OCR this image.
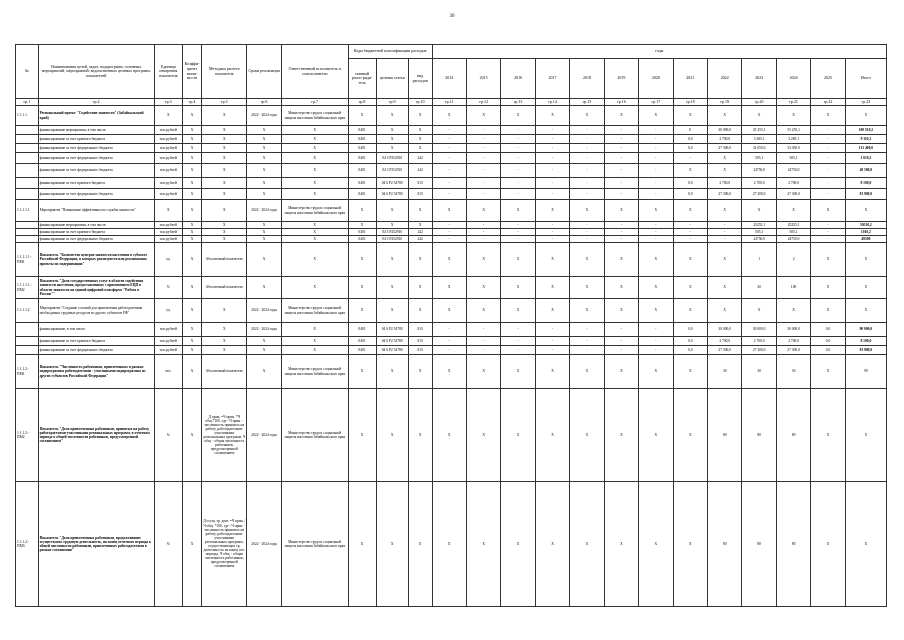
30
№	Наименования целей, задач, подпрограмм, основных мероприятий, мероприятий, ведомственных целевых программ, показателей	Единица измерения показателя	Коэффи-циент значи-мости	Методика расчета показателя	Сроки реализации	Ответственный исполнитель и соисполнители	Коды бюджетной классификации расходов			годы												
							главный распо-ряди-тель	целевая статья	вид расходов	2014	2015	2016	2017	2018	2019	2020	2021	2022	2023	2024	2025	Итого
гр.1	гр.2	гр.3	гр.4	гр.5	гр.6	гр.7	гр.8	гр.9	гр.10	гр.11	гр.12	гр.13	гр.14	гр.15	гр.16	гр.17	гр.18	гр.19	гр.20	гр.21	гр.22	гр.23
1.1.1.1.	Региональный проект "Содействие занятости" (Забайкальский край)	X	X	X	2022 - 2024 годы	Министерство труда и социальной защиты населения Забайкальского края	X	X	X	X	X	X	X	X	X	X	X	X	X	X	X	X
	финансирование мероприятия, в том числе:	тыс.рублей	X	X	X	X	0401	X	X	-	-	-	-	-	-	-	0	30 000,0	35 255,1	35 255,1	-	100 510,2
	финансирование за счет краевого бюджета	тыс.рублей	X	X	X	X	0401	X	X	-	-	-	-	-	-	-	0,0	2 700,0	3 285,1	3 285,1	-	9 110,2
	финансирование за счет федерального бюджета	тыс.рублей	X	X	X	X	0401	X	X	-	-	-	-	-	-	-	0,0	27 300,0	32 050,0	32 050,0	-	131 400,0
	финансирование за счет федерального бюджета	тыс.рублей	X	X	X	X	0401	04 3 P252910	242	-	-	-	-	-	-	-	-	X	505,1	505,1	-	1 010,2
	финансирование за счет федерального бюджета	тыс.рублей	X	X	X	X	0401	04 3 P252910	242	-	-	-	-	-	-	-	X	X	24750,0	24750,0	-	49 500,0
	финансирование за счет краевого бюджета	тыс.рублей	X	X	X	X	0401	04 6 P2 54780	813	-	-	-	-	-	-	-	0,0	2 700,0	2 700,0	2 700,0	-	8 100,0
	финансирование за счет федерального бюджета	тыс.рублей	X	X	X	X	0401	04 6 P2 54780	813	-	-	-	-	-	-	-	0,0	27 300,0	27 300,0	27 300,0	-	81 900,0
1.1.1.1.1	Мероприятие "Повышение эффективности службы занятости"	X	X	X	2022 - 2024 годы	Министерство труда и социальной защиты населения Забайкальского края	X	X	X	X	X	X	X	X	X	X	X	X	X	X	X	X
	финансирование мероприятия, в том числе:	тыс.рублей	X	X	X	X	X	X	X	-	-	-	-	-	-	-	-	-	25255,1	25255,1	-	50510,2
	финансирование за счет краевого бюджета	тыс.рублей	X	X	X	X	0401	04 3 P252910	242	-	-	-	-	-	-	-	-	-	505,1	505,1	-	1010,2
	финансирование за счет федерального бюджета	тыс.рублей	X	X	X	X	0401	04 3 P252910	242	-	-	-	-	-	-	-	-	-	24750,0	24750,0	-	49500
1.1.1.1.1.- ПМ1	Показатель "Количество центров занятости населения в субъекте Российской Федерации, в которых реализуются или реализованы проекты по модернизации"	ед.	X	Абсолютный показатель	X	X	X	X	X	X	X	X	X	X	X	X	X	X	1	2	X	X
1.1.1.1.1.- ПМ2	Показатель "Доля государственных услуг в области содействия занятости населения, предоставленных с применением ЕЦП в области занятости на единой цифровой платформе "Работа в России""	%	X	Абсолютный показатель	X	X	X	X	X	X	X	X	X	X	X	X	X	X	20	100	X	X
1.1.1.1.2	Мероприятие "Создание условий для привлечения работодателями необходимых трудовых ресурсов из других субъектов РФ"	ед.	X	X	2022 - 2024 годы	Министерство труда и социальной защиты населения Забайкальского края	X	X	X	X	X	X	X	X	X	X	X	X	X	X	X	X
	финансирование, в том числе:	тыс.рублей	X	X	2022 - 2024 годы	X	0401	04 6 P2 54780	813	-	-	-	-	-	-	-	0,0	30 000,0	30 000,0	30 000,0	0,0	90 000,0
	финансирование за счет краевого бюджета	тыс.рублей	X	X	X	X	0401	04 6 P2 54780	813	-	-	-	-	-	-	-	0,0	2 700,0	2 700,0	2 700,0	0,0	8 100,0
	финансирование за счет федерального бюджета	тыс.рублей	X	X	X	X	0401	04 6 P2 54780	813	-	-	-	-	-	-	-	0,0	27 300,0	27 300,0	27 300,0	0,0	81 900,0
1.1.1.2.- ПМ1	Показатель "Численность работников, привлеченных в рамках подпрограммы работодателями - участниками подпрограммы из других субъектов Российской Федерации"	чел.	X	Абсолютный показатель	X	Министерство труда и социальной защиты населения Забайкальского края	X	X	X	X	X	X	X	X	X	X	X	30	30	30	X	90
1.1.1.2.- ПМ2	Показатель "Доля привлеченных работников, принятых на работу, работодателями-участниками региональных программ, в отчетном периоде к общей численности работников, предусмотренной соглашением"	%	X	Д прин. =Ч прин. *Ч общ.*100, где - Ч прин. - численность принятых на работу, работодателями-участниками региональных программ, Ч общ. - общая численность работников, предусмотренной соглашением	2022 - 2024 годы	Министерство труда и социальной защиты населения Забайкальского края	X	X	X	X	X	X	X	X	X	X	X	80	80	80	X	X
1.1.1.2.- ПМ3	Показатель "Доля привлеченных работников, продолживших осуществлять трудовую деятельность, на конец отчетного периода к общей численности работников, привлеченных работодателями в рамках соглашения"	%	X	Д осущ. тр. деят. =Ч прин. / Ч общ. *100, где - Ч прин. - численность принятых на работу, работодателями-участниками региональных программ, осуществляющих тр. деятельность на конец отч. периода, Ч общ. - общая численность работников, предусмотренной соглашением	2022 - 2024 годы	Министерство труда и социальной защиты населения Забайкальского края	X	X	X	X	X	X	X	X	X	X	X	80	80	80	X	X
